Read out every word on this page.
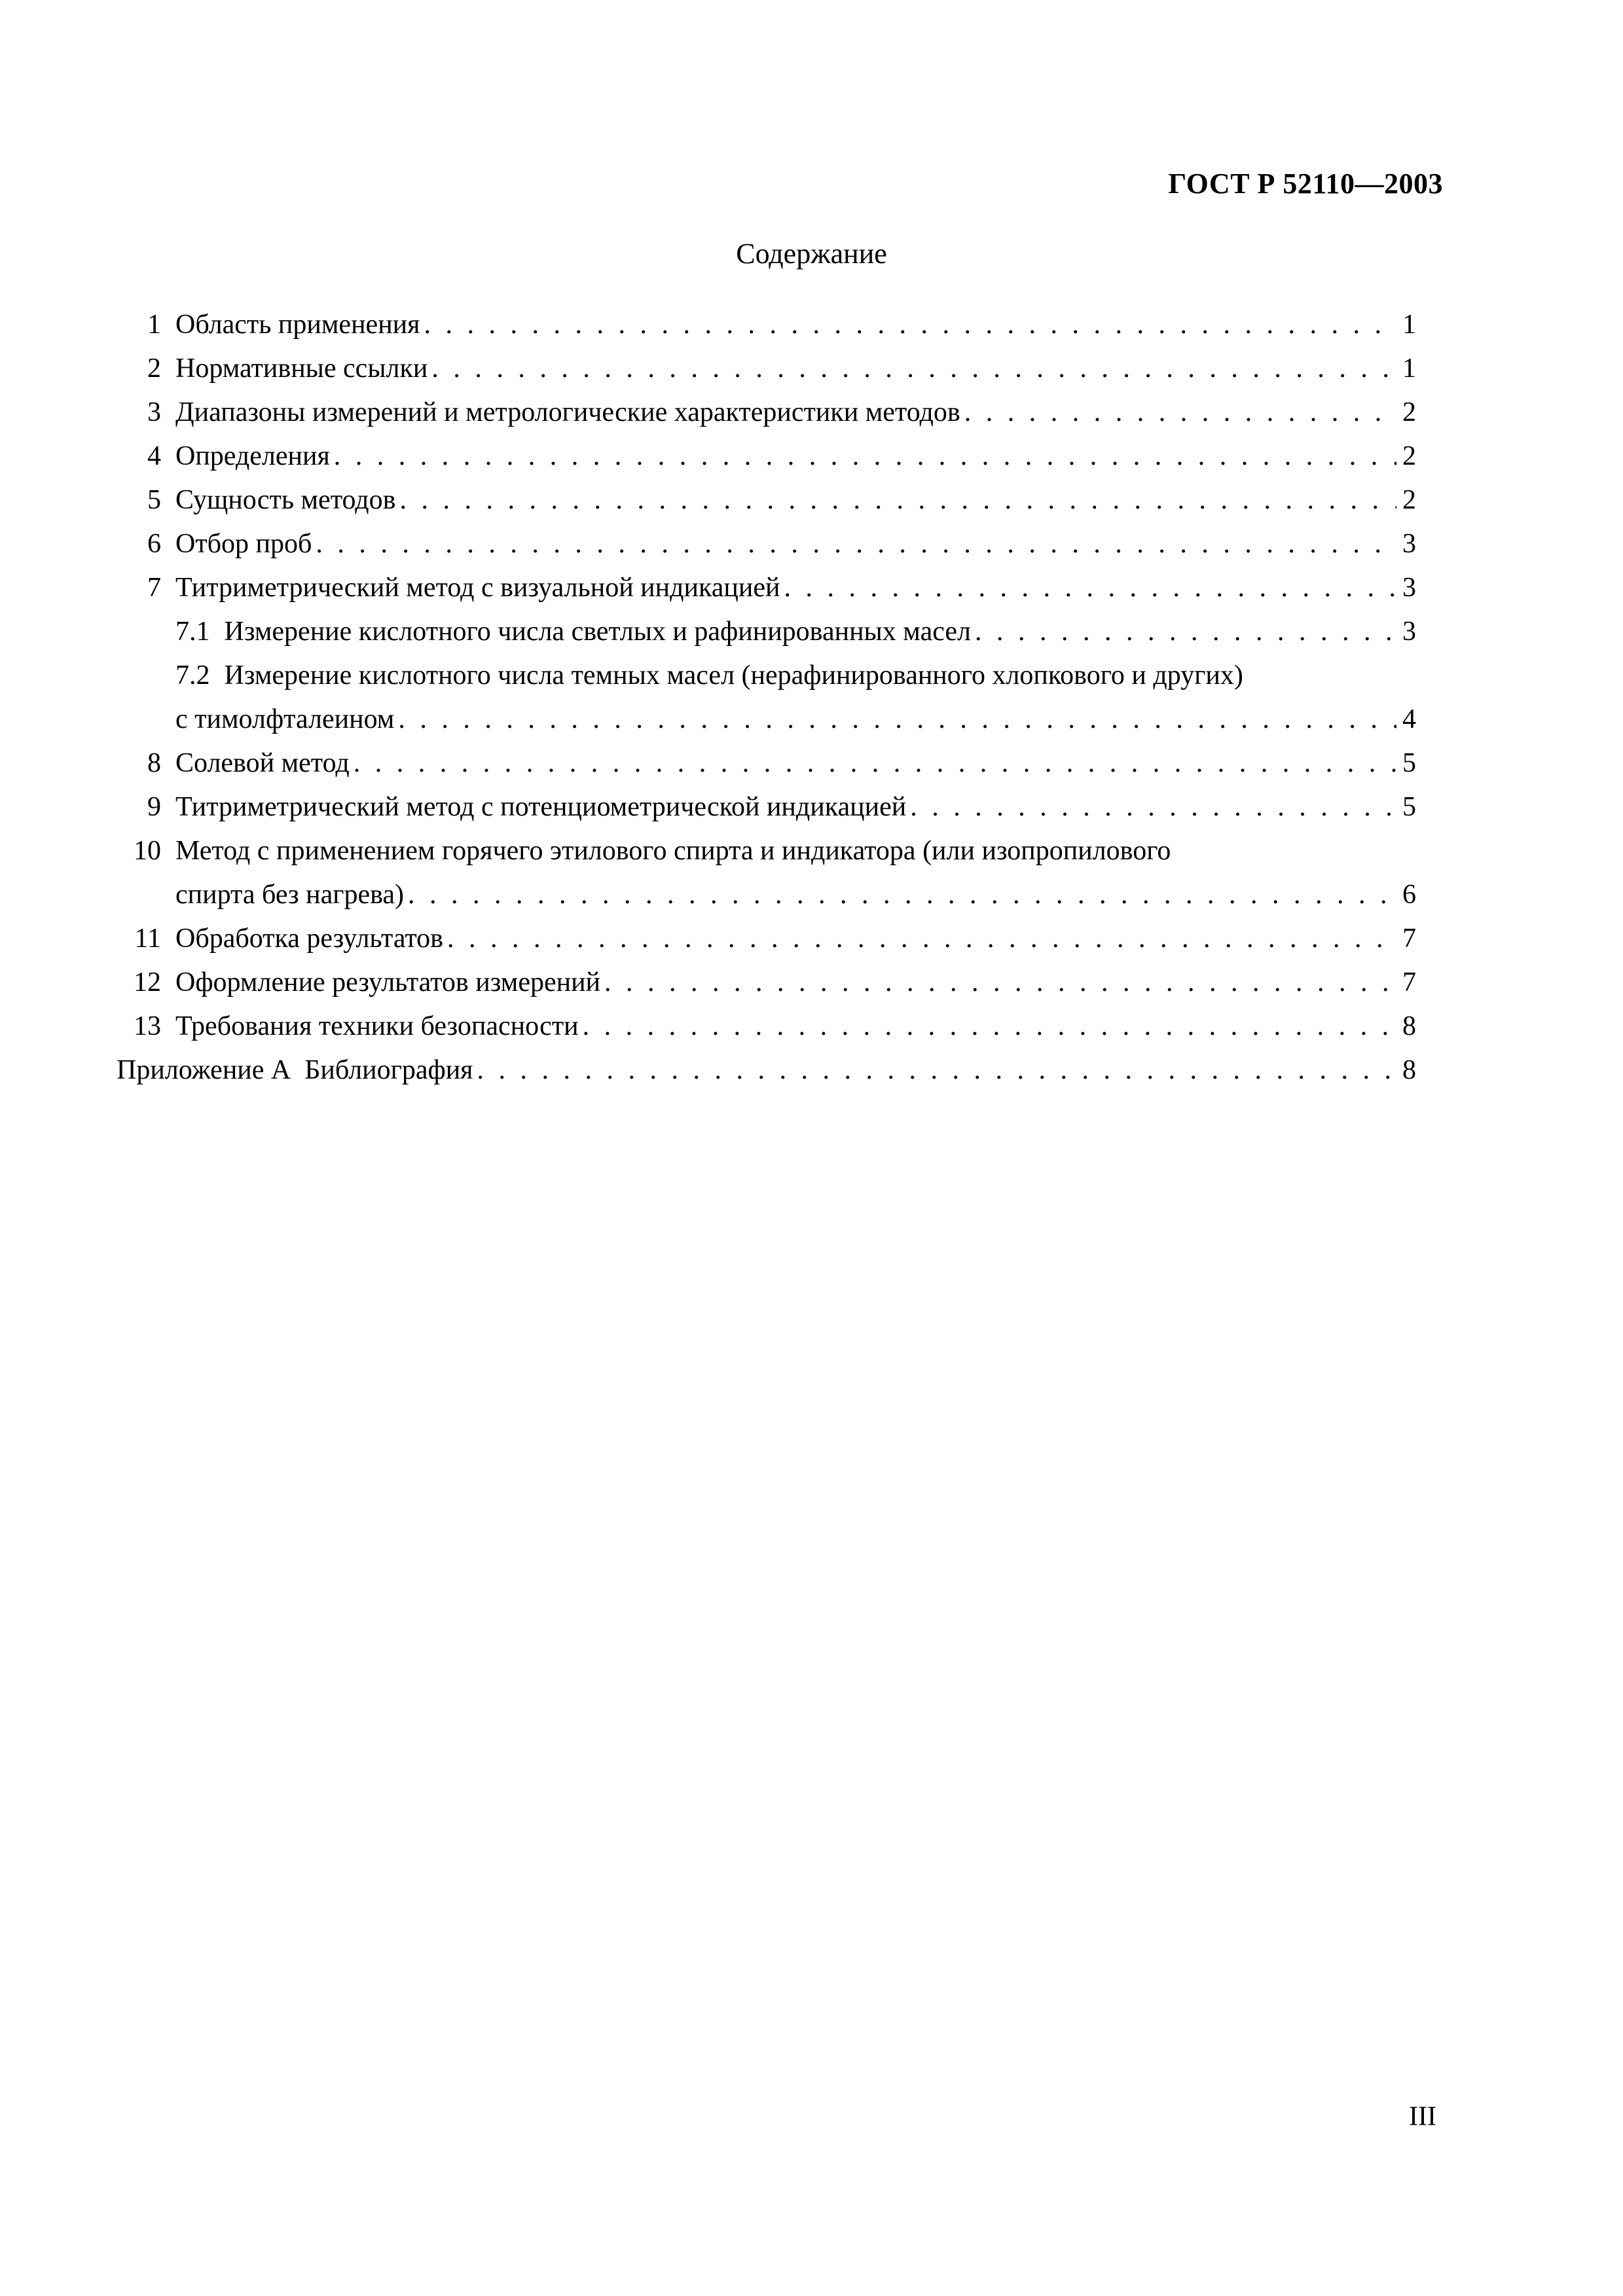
ГОСТ Р 52110—2003
Содержание
1 Область применения . . .	1
2 Нормативные ссылки . . .	1
3 Диапазоны измерений и метрологические характеристики методов . . .	2
4 Определения . . .	2
5 Сущность методов . . .	2
6 Отбор проб . . .	3
7 Титриметрический метод с визуальной индикацией . . .	3
7.1 Измерение кислотного числа светлых и рафинированных масел . . .	3
7.2 Измерение кислотного числа темных масел (нерафинированного хлопкового и других)
с тимолфталеином . . .	4
8 Солевой метод . . .	5
9 Титриметрический метод с потенциометрической индикацией . . .	5
10 Метод с применением горячего этилового спирта и индикатора (или изопропилового
спирта без нагрева) . . .	6
11 Обработка результатов . . .	7
12 Оформление результатов измерений . . .	7
13 Требования техники безопасности . . .	8
Приложение А  Библиография . . .	8
III
